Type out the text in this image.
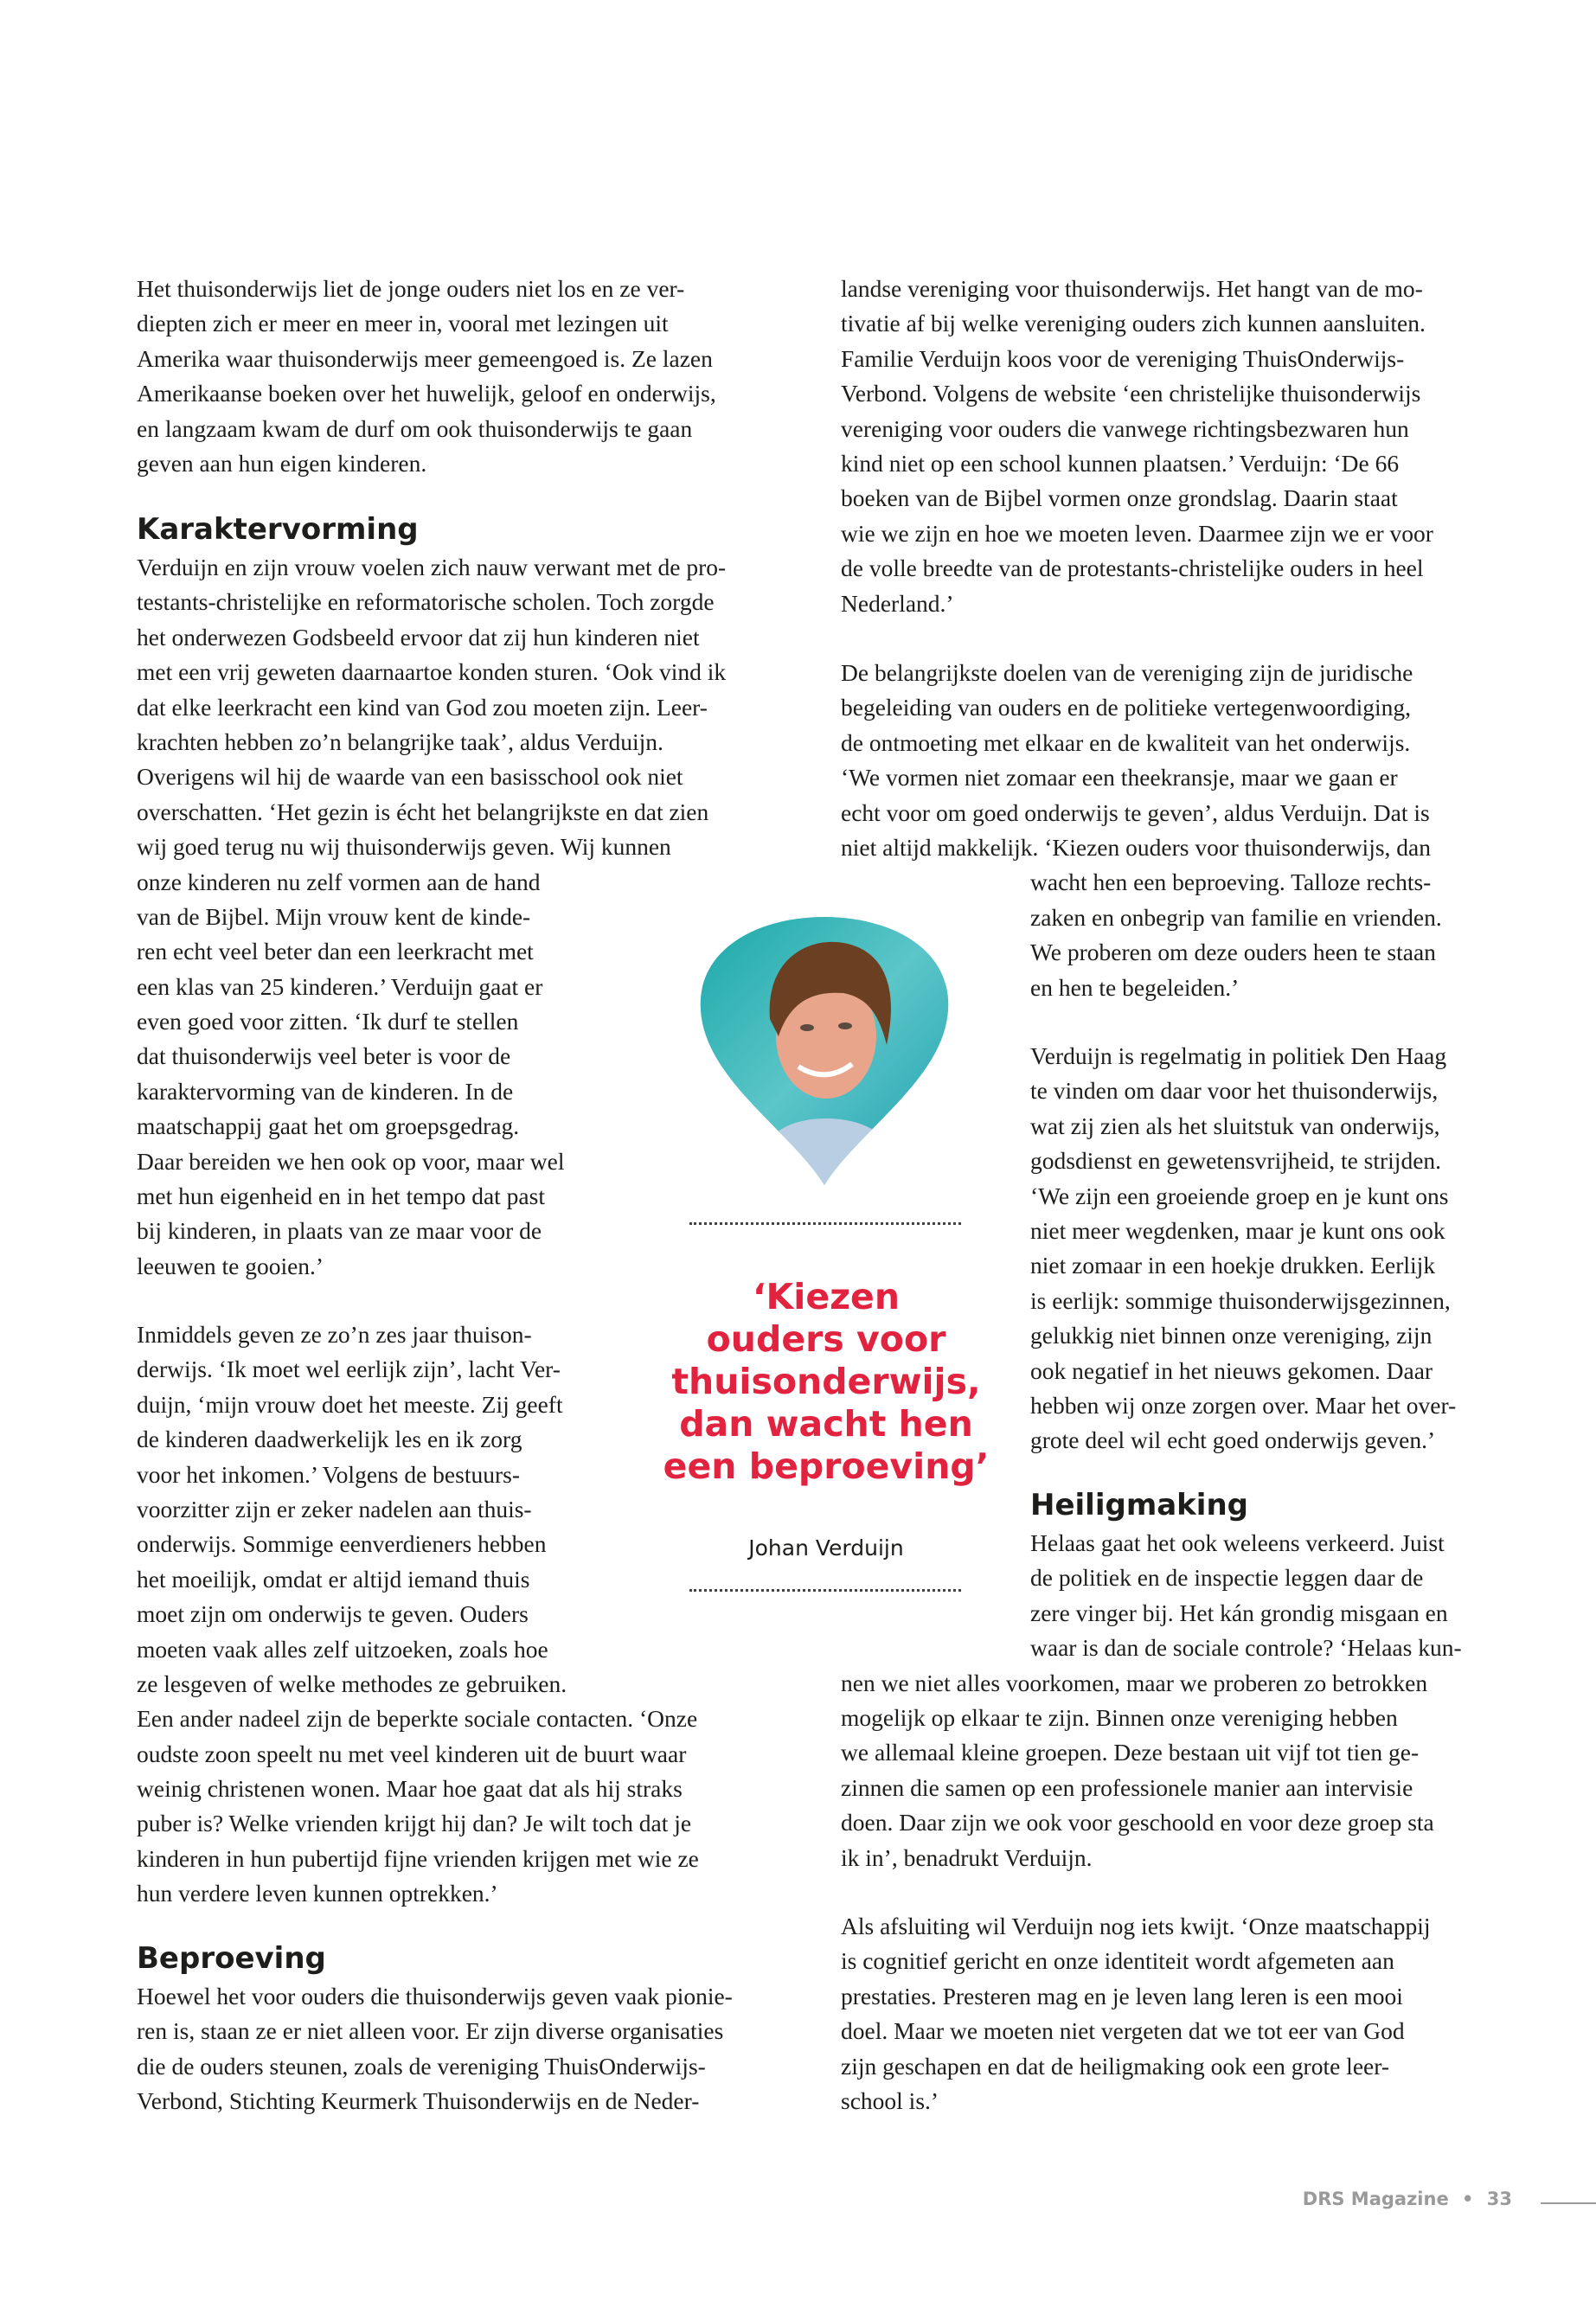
Het thuisonderwijs liet de jonge ouders niet los en ze ver-
diepten zich er meer en meer in, vooral met lezingen uit
Amerika waar thuisonderwijs meer gemeengoed is. Ze lazen
Amerikaanse boeken over het huwelijk, geloof en onderwijs,
en langzaam kwam de durf om ook thuisonderwijs te gaan
geven aan hun eigen kinderen.
Karaktervorming
Verduijn en zijn vrouw voelen zich nauw verwant met de pro-
testants-christelijke en reformatorische scholen. Toch zorgde
het onderwezen Godsbeeld ervoor dat zij hun kinderen niet
met een vrij geweten daarnaartoe konden sturen. ‘Ook vind ik
dat elke leerkracht een kind van God zou moeten zijn. Leer-
krachten hebben zo’n belangrijke taak’, aldus Verduijn.
Overigens wil hij de waarde van een basisschool ook niet
overschatten. ‘Het gezin is écht het belangrijkste en dat zien
wij goed terug nu wij thuisonderwijs geven. Wij kunnen
onze kinderen nu zelf vormen aan de hand
van de Bijbel. Mijn vrouw kent de kinde-
ren echt veel beter dan een leerkracht met
een klas van 25 kinderen.’ Verduijn gaat er
even goed voor zitten. ‘Ik durf te stellen
dat thuisonderwijs veel beter is voor de
karaktervorming van de kinderen. In de
maatschappij gaat het om groepsgedrag.
Daar bereiden we hen ook op voor, maar wel
met hun eigenheid en in het tempo dat past
bij kinderen, in plaats van ze maar voor de
leeuwen te gooien.’
Inmiddels geven ze zo’n zes jaar thuison-
derwijs. ‘Ik moet wel eerlijk zijn’, lacht Ver-
duijn, ‘mijn vrouw doet het meeste. Zij geeft
de kinderen daadwerkelijk les en ik zorg
voor het inkomen.’ Volgens de bestuurs-
voorzitter zijn er zeker nadelen aan thuis-
onderwijs. Sommige eenverdieners hebben
het moeilijk, omdat er altijd iemand thuis
moet zijn om onderwijs te geven. Ouders
moeten vaak alles zelf uitzoeken, zoals hoe
ze lesgeven of welke methodes ze gebruiken.
Een ander nadeel zijn de beperkte sociale contacten. ‘Onze
oudste zoon speelt nu met veel kinderen uit de buurt waar
weinig christenen wonen. Maar hoe gaat dat als hij straks
puber is? Welke vrienden krijgt hij dan? Je wilt toch dat je
kinderen in hun pubertijd fijne vrienden krijgen met wie ze
hun verdere leven kunnen optrekken.’
Beproeving
Hoewel het voor ouders die thuisonderwijs geven vaak pionie-
ren is, staan ze er niet alleen voor. Er zijn diverse organisaties
die de ouders steunen, zoals de vereniging ThuisOnderwijs-
Verbond, Stichting Keurmerk Thuisonderwijs en de Neder-
landse vereniging voor thuisonderwijs. Het hangt van de mo-
tivatie af bij welke vereniging ouders zich kunnen aansluiten.
Familie Verduijn koos voor de vereniging ThuisOnderwijs-
Verbond. Volgens de website ‘een christelijke thuisonderwijs
vereniging voor ouders die vanwege richtingsbezwaren hun
kind niet op een school kunnen plaatsen.’ Verduijn: ‘De 66
boeken van de Bijbel vormen onze grondslag. Daarin staat
wie we zijn en hoe we moeten leven. Daarmee zijn we er voor
de volle breedte van de protestants-christelijke ouders in heel
Nederland.’
De belangrijkste doelen van de vereniging zijn de juridische
begeleiding van ouders en de politieke vertegenwoordiging,
de ontmoeting met elkaar en de kwaliteit van het onderwijs.
‘We vormen niet zomaar een theekransje, maar we gaan er
echt voor om goed onderwijs te geven’, aldus Verduijn. Dat is
niet altijd makkelijk. ‘Kiezen ouders voor thuisonderwijs, dan
wacht hen een beproeving. Talloze rechts-
zaken en onbegrip van familie en vrienden.
We proberen om deze ouders heen te staan
en hen te begeleiden.’
Verduijn is regelmatig in politiek Den Haag
te vinden om daar voor het thuisonderwijs,
wat zij zien als het sluitstuk van onderwijs,
godsdienst en gewetensvrijheid, te strijden.
‘We zijn een groeiende groep en je kunt ons
niet meer wegdenken, maar je kunt ons ook
niet zomaar in een hoekje drukken. Eerlijk
is eerlijk: sommige thuisonderwijsgezinnen,
gelukkig niet binnen onze vereniging, zijn
ook negatief in het nieuws gekomen. Daar
hebben wij onze zorgen over. Maar het over-
grote deel wil echt goed onderwijs geven.’
Heiligmaking
Helaas gaat het ook weleens verkeerd. Juist
de politiek en de inspectie leggen daar de
zere vinger bij. Het kán grondig misgaan en
waar is dan de sociale controle? ‘Helaas kun-
nen we niet alles voorkomen, maar we proberen zo betrokken
mogelijk op elkaar te zijn. Binnen onze vereniging hebben
we allemaal kleine groepen. Deze bestaan uit vijf tot tien ge-
zinnen die samen op een professionele manier aan intervisie
doen. Daar zijn we ook voor geschoold en voor deze groep sta
ik in’, benadrukt Verduijn.
Als afsluiting wil Verduijn nog iets kwijt. ‘Onze maatschappij
is cognitief gericht en onze identiteit wordt afgemeten aan
prestaties. Presteren mag en je leven lang leren is een mooi
doel. Maar we moeten niet vergeten dat we tot eer van God
zijn geschapen en dat de heiligmaking ook een grote leer-
school is.’
‘Kiezen
ouders voor
thuisonderwijs,
dan wacht hen
een beproeving’
Johan Verduijn
DRS Magazine • 33
